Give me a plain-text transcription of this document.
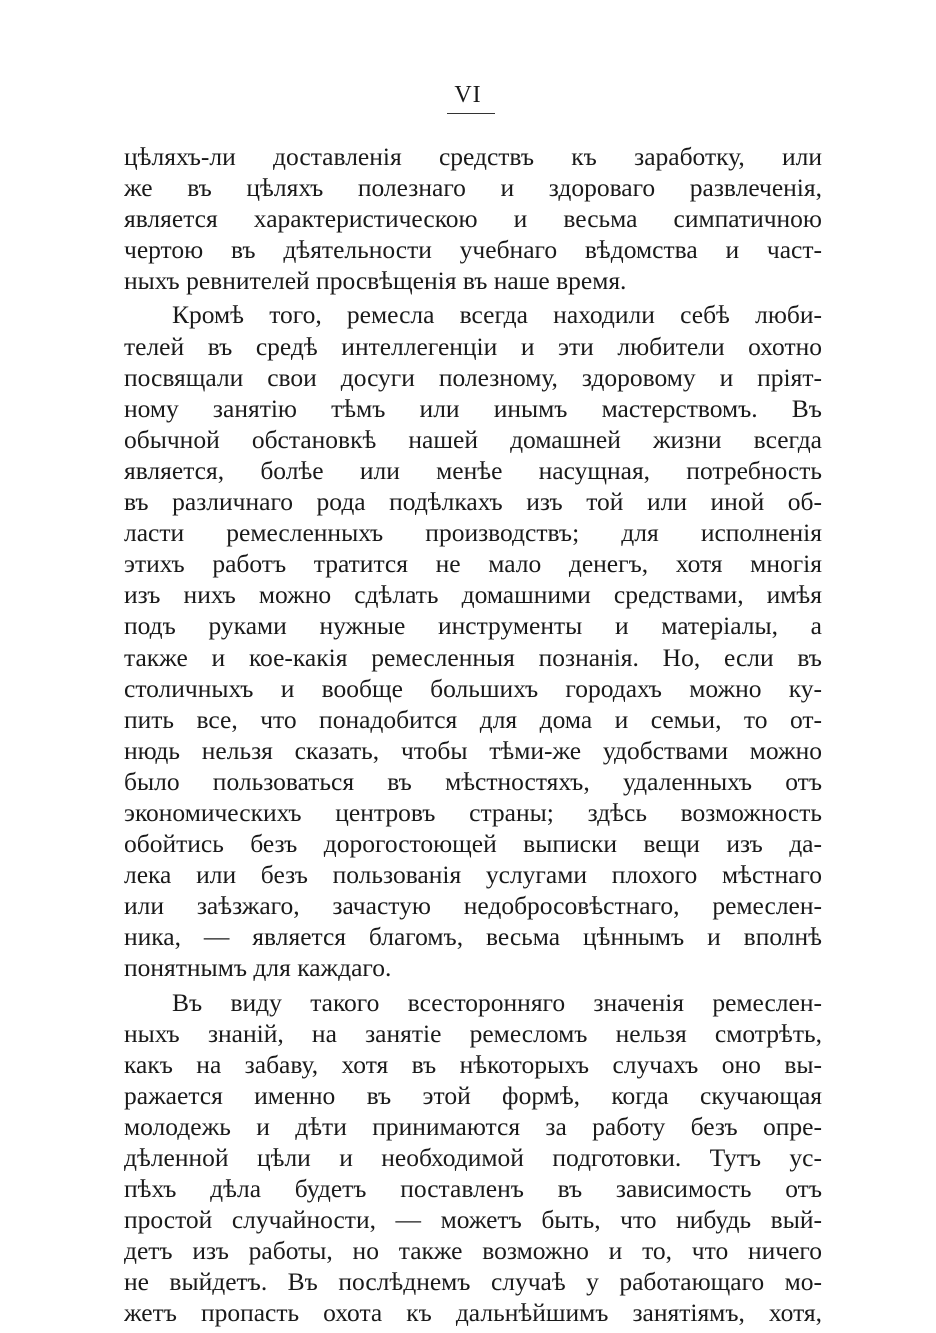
VI
цѣляхъ-ли доставленія средствъ къ заработку, или
же въ цѣляхъ полезнаго и здороваго развлеченія,
является характеристическою и весьма симпатичною
чертою въ дѣятельности учебнаго вѣдомства и част-
ныхъ ревнителей просвѣщенія въ наше время.
Кромѣ того, ремесла всегда находили себѣ люби-
телей въ средѣ интеллегенціи и эти любители охотно
посвящали свои досуги полезному, здоровому и пріят-
ному занятію тѣмъ или инымъ мастерствомъ. Въ
обычной обстановкѣ нашей домашней жизни всегда
является, болѣе или менѣе насущная, потребность
въ различнаго рода подѣлкахъ изъ той или иной об-
ласти ремесленныхъ производствъ; для исполненія
этихъ работъ тратится не мало денегъ, хотя многія
изъ нихъ можно сдѣлать домашними средствами, имѣя
подъ руками нужные инструменты и матеріалы, а
также и кое-какія ремесленныя познанія. Но, если въ
столичныхъ и вообще большихъ городахъ можно ку-
пить все, что понадобится для дома и семьи, то от-
нюдь нельзя сказать, чтобы тѣми-же удобствами можно
было пользоваться въ мѣстностяхъ, удаленныхъ отъ
экономическихъ центровъ страны; здѣсь возможность
обойтись безъ дорогостоющей выписки вещи изъ да-
лека или безъ пользованія услугами плохого мѣстнаго
или заѣзжаго, зачастую недобросовѣстнаго, ремеслен-
ника, — является благомъ, весьма цѣннымъ и вполнѣ
понятнымъ для каждаго.
Въ виду такого всесторонняго значенія ремеслен-
ныхъ знаній, на занятіе ремесломъ нельзя смотрѣть,
какъ на забаву, хотя въ нѣкоторыхъ случахъ оно вы-
ражается именно въ этой формѣ, когда скучающая
молодежь и дѣти принимаются за работу безъ опре-
дѣленной цѣли и необходимой подготовки. Тутъ ус-
пѣхъ дѣла будетъ поставленъ въ зависимость отъ
простой случайности, — можетъ быть, что нибудь вый-
детъ изъ работы, но также возможно и то, что ничего
не выйдетъ. Въ послѣднемъ случаѣ у работающаго мо-
жетъ пропасть охота къ дальнѣйшимъ занятіямъ, хотя,
